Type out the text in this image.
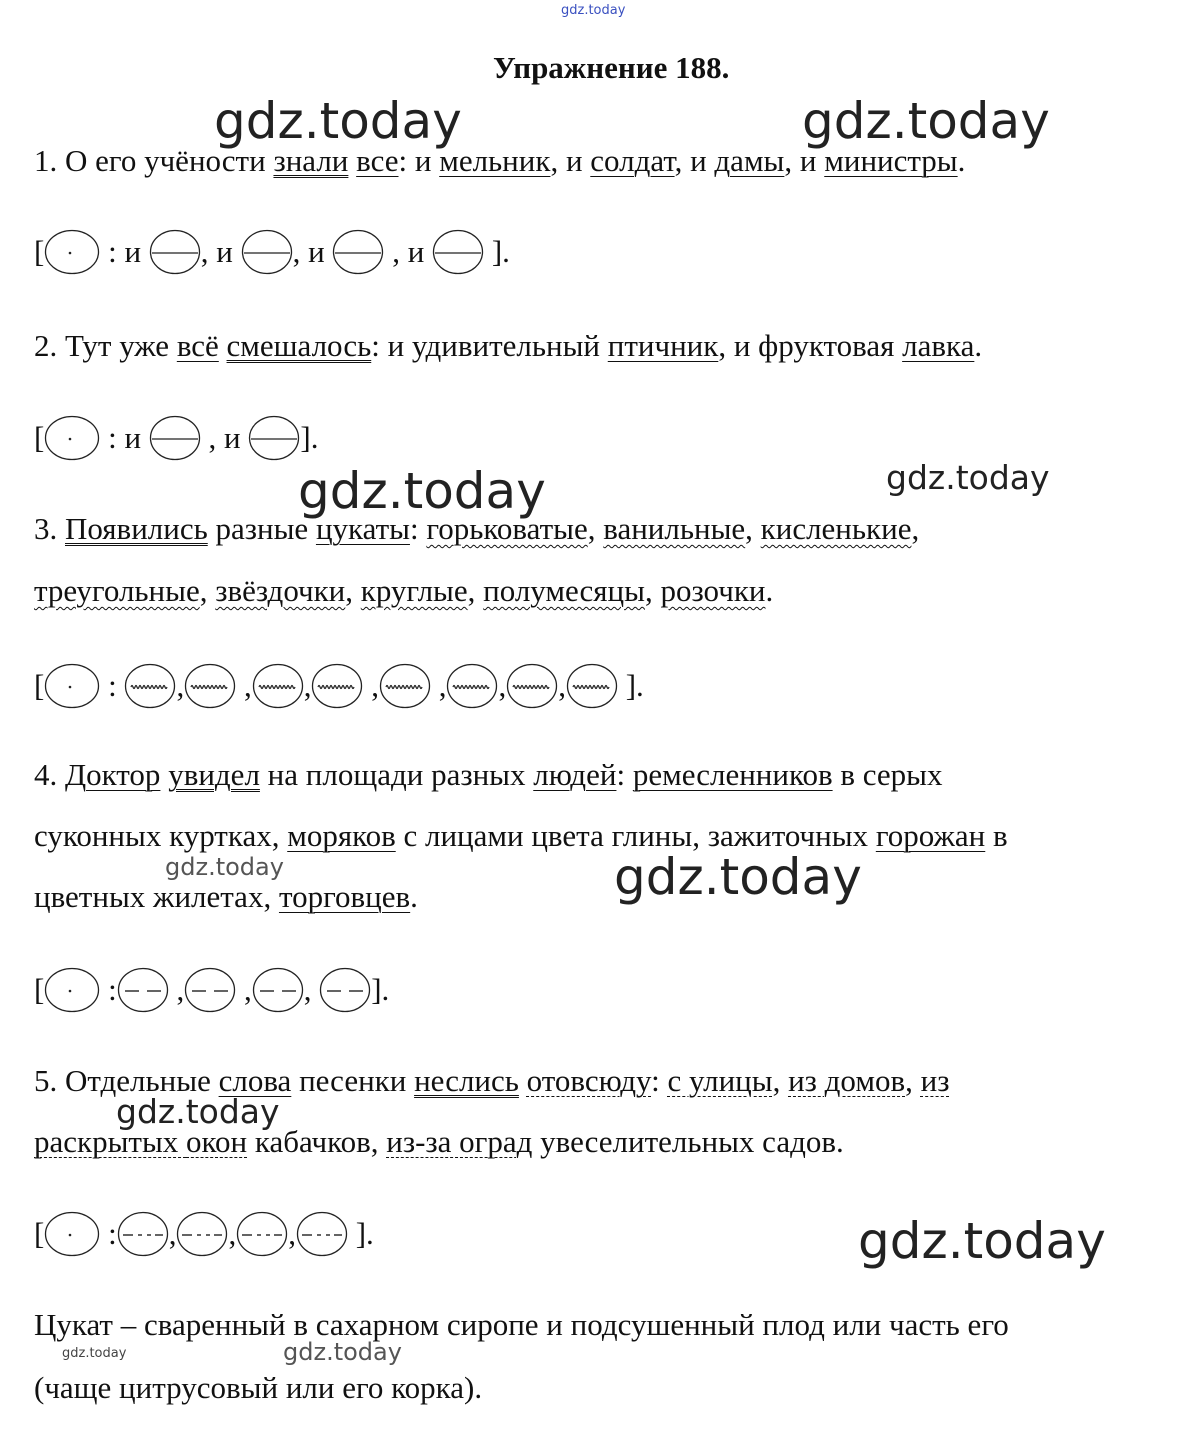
gdz.today
gdz.today	gdz.today
gdz.today	gdz.today
gdz.today	gdz.today
gdz.today
gdz.today
gdz.today	gdz.today
Упражнение 188.
1. О его учёности знали все: и мельник, и солдат, и дамы, и министры.
[ : и , и , и , и ].
2. Тут уже всё смешалось: и удивительный птичник, и фруктовая лавка.
[ : и , и ].
3. Появились разные цукаты: горьковатые, ванильные, кисленькие,
треугольные, звёздочки, круглые, полумесяцы, розочки.
[ : , , , , , , , ].
4. Доктор увидел на площади разных людей: ремесленников в серых
суконных куртках, моряков с лицами цвета глины, зажиточных горожан в
цветных жилетах, торговцев.
[ : , , , ].
5. Отдельные слова песенки неслись отовсюду: с улицы, из домов, из
раскрытых окон кабачков, из-за оград увеселительных садов.
[ : , , , ].
Цукат – сваренный в сахарном сиропе и подсушенный плод или часть его
(чаще цитрусовый или его корка).
